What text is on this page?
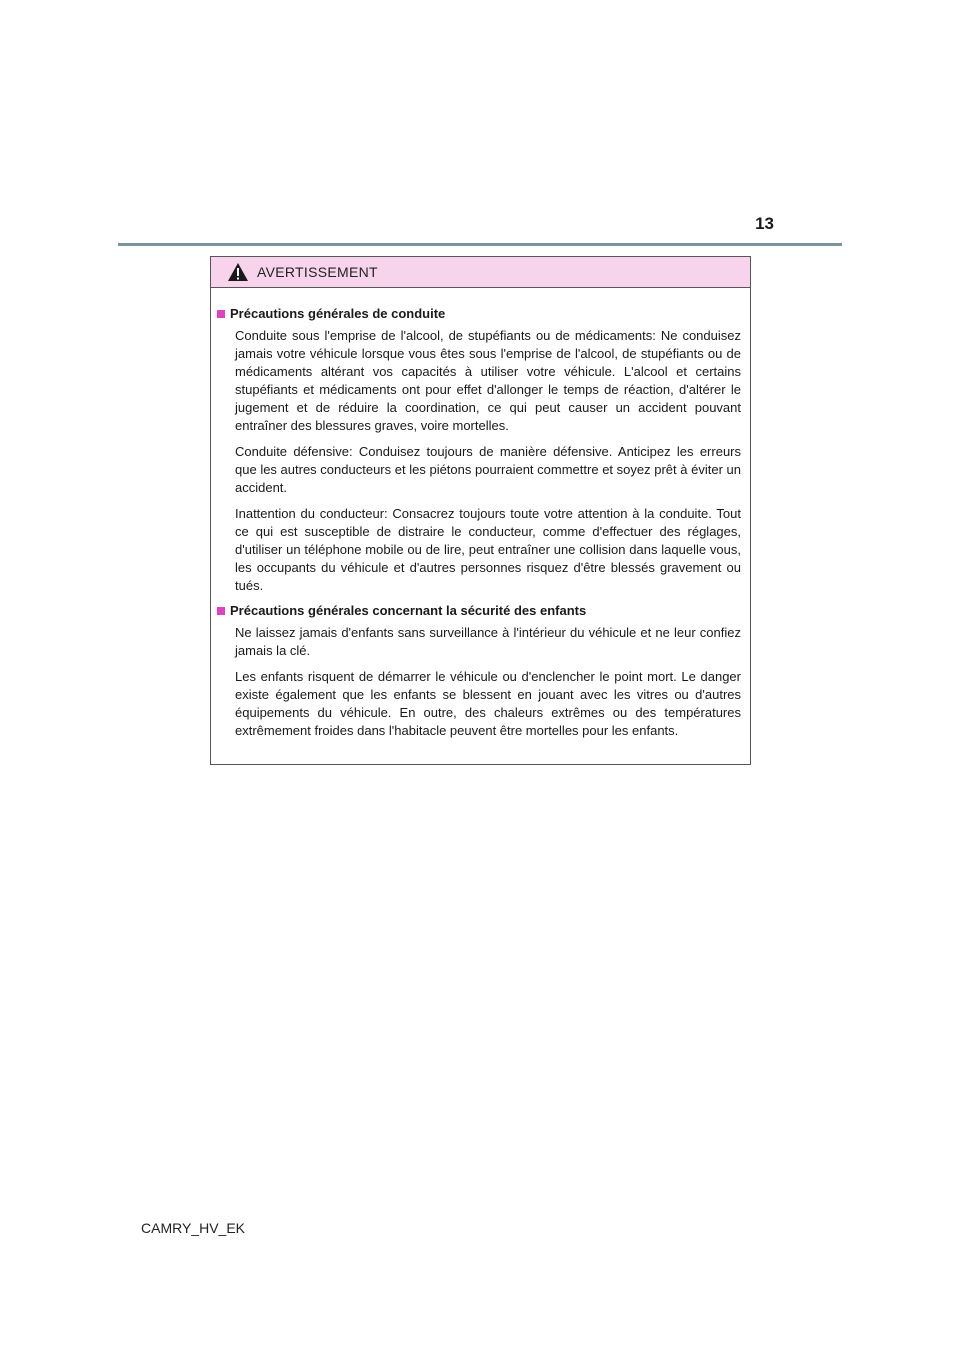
13
AVERTISSEMENT
Précautions générales de conduite

Conduite sous l'emprise de l'alcool, de stupéfiants ou de médicaments: Ne conduisez jamais votre véhicule lorsque vous êtes sous l'emprise de l'alcool, de stupéfiants ou de médicaments altérant vos capacités à utiliser votre véhicule. L'alcool et certains stupéfiants et médicaments ont pour effet d'allonger le temps de réaction, d'altérer le jugement et de réduire la coordination, ce qui peut causer un accident pouvant entraîner des blessures graves, voire mortelles.

Conduite défensive: Conduisez toujours de manière défensive. Anticipez les erreurs que les autres conducteurs et les piétons pourraient commettre et soyez prêt à éviter un accident.

Inattention du conducteur: Consacrez toujours toute votre attention à la conduite. Tout ce qui est susceptible de distraire le conducteur, comme d'effectuer des réglages, d'utiliser un téléphone mobile ou de lire, peut entraîner une collision dans laquelle vous, les occupants du véhicule et d'autres personnes risquez d'être blessés gravement ou tués.

Précautions générales concernant la sécurité des enfants

Ne laissez jamais d'enfants sans surveillance à l'intérieur du véhicule et ne leur confiez jamais la clé.

Les enfants risquent de démarrer le véhicule ou d'enclencher le point mort. Le danger existe également que les enfants se blessent en jouant avec les vitres ou d'autres équipements du véhicule. En outre, des chaleurs extrêmes ou des températures extrêmement froides dans l'habitacle peuvent être mortelles pour les enfants.

CAMRY_HV_EK
